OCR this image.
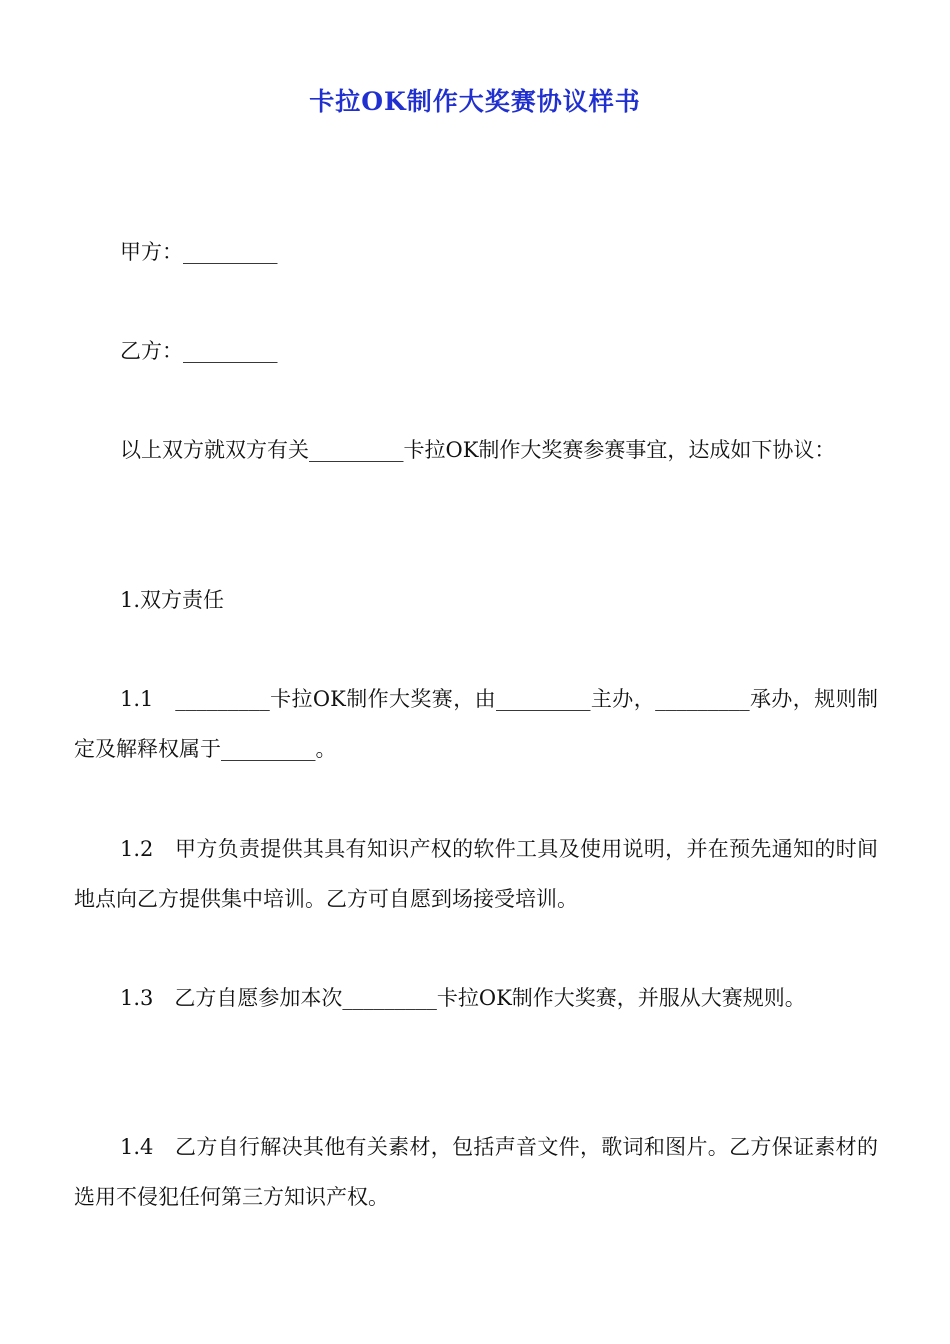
卡拉OK制作大奖赛协议样书
甲方：_________
乙方：_________
以上双方就双方有关_________卡拉OK制作大奖赛参赛事宜，达成如下协议：
1.双方责任
1.1　_________卡拉OK制作大奖赛，由_________主办，_________承办，规则制定及解释权属于_________。
1.2　甲方负责提供其具有知识产权的软件工具及使用说明，并在预先通知的时间地点向乙方提供集中培训。乙方可自愿到场接受培训。
1.3　乙方自愿参加本次_________卡拉OK制作大奖赛，并服从大赛规则。
1.4　乙方自行解决其他有关素材，包括声音文件，歌词和图片。乙方保证素材的选用不侵犯任何第三方知识产权。
